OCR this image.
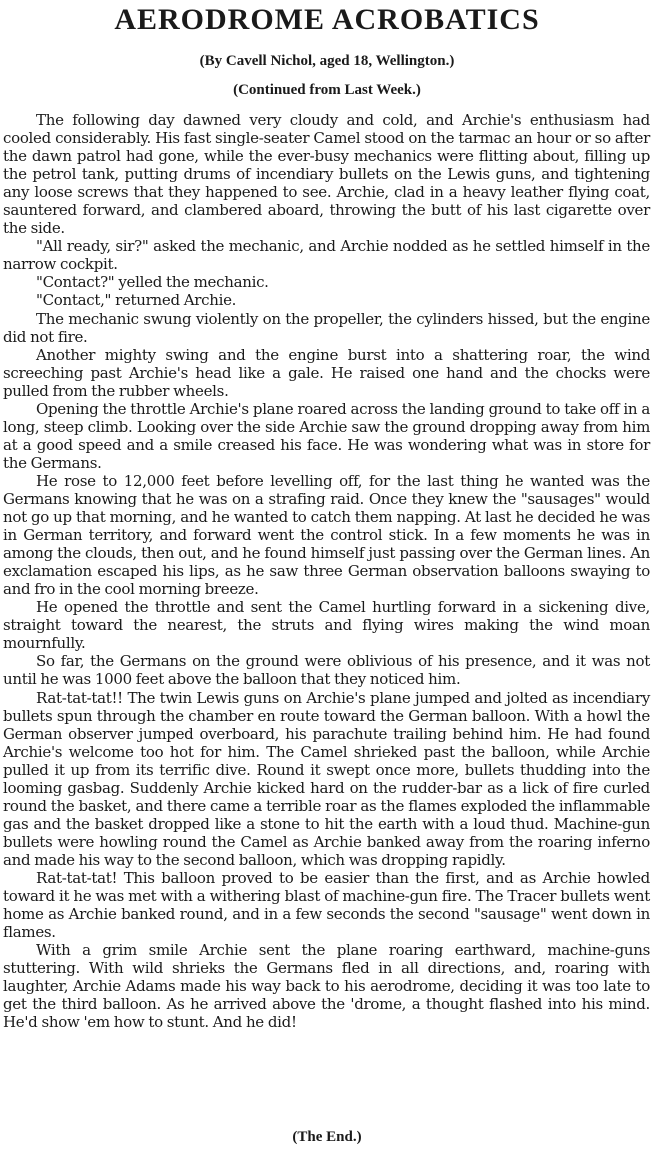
AERODROME ACROBATICS
(By Cavell Nichol, aged 18, Wellington.)
(Continued from Last Week.)

The following day dawned very cloudy and cold, and Archie's enthusiasm had cooled considerably. His fast single-seater Camel stood on the tarmac an hour or so after the dawn patrol had gone, while the ever-busy mechanics were flitting about, filling up the petrol tank, putting drums of incendiary bullets on the Lewis guns, and tightening any loose screws that they happened to see. Archie, clad in a heavy leather flying coat, sauntered forward, and clambered aboard, throwing the butt of his last cigarette over the side.

"All ready, sir?" asked the mechanic, and Archie nodded as he settled himself in the narrow cockpit.

"Contact?" yelled the mechanic.

"Contact," returned Archie.

The mechanic swung violently on the propeller, the cylinders hissed, but the engine did not fire.

Another mighty swing and the engine burst into a shattering roar, the wind screeching past Archie's head like a gale. He raised one hand and the chocks were pulled from the rubber wheels.

Opening the throttle Archie's plane roared across the landing ground to take off in a long, steep climb. Looking over the side Archie saw the ground dropping away from him at a good speed and a smile creased his face. He was wondering what was in store for the Germans.

He rose to 12,000 feet before levelling off, for the last thing he wanted was the Germans knowing that he was on a strafing raid. Once they knew the "sausages" would not go up that morning, and he wanted to catch them napping. At last he decided he was in German territory, and forward went the control stick. In a few moments he was in among the clouds, then out, and he found himself just passing over the German lines. An exclamation escaped his lips, as he saw three German observation balloons swaying to and fro in the cool morning breeze.

He opened the throttle and sent the Camel hurtling forward in a sickening dive, straight toward the nearest, the struts and flying wires making the wind moan mournfully.

So far, the Germans on the ground were oblivious of his presence, and it was not until he was 1000 feet above the balloon that they noticed him.

Rat-tat-tat!! The twin Lewis guns on Archie's plane jumped and jolted as incendiary bullets spun through the chamber en route toward the German balloon. With a howl the German observer jumped overboard, his parachute trailing behind him. He had found Archie's welcome too hot for him. The Camel shrieked past the balloon, while Archie pulled it up from its terrific dive. Round it swept once more, bullets thudding into the looming gasbag. Suddenly Archie kicked hard on the rudder-bar as a lick of fire curled round the basket, and there came a terrible roar as the flames exploded the inflammable gas and the basket dropped like a stone to hit the earth with a loud thud. Machine-gun bullets were howling round the Camel as Archie banked away from the roaring inferno and made his way to the second balloon, which was dropping rapidly.

Rat-tat-tat! This balloon proved to be easier than the first, and as Archie howled toward it he was met with a withering blast of machine-gun fire. The Tracer bullets went home as Archie banked round, and in a few seconds the second "sausage" went down in flames.

With a grim smile Archie sent the plane roaring earthward, machine-guns stuttering. With wild shrieks the Germans fled in all directions, and, roaring with laughter, Archie Adams made his way back to his aerodrome, deciding it was too late to get the third balloon. As he arrived above the 'drome, a thought flashed into his mind. He'd show 'em how to stunt. And he did!

(The End.)
